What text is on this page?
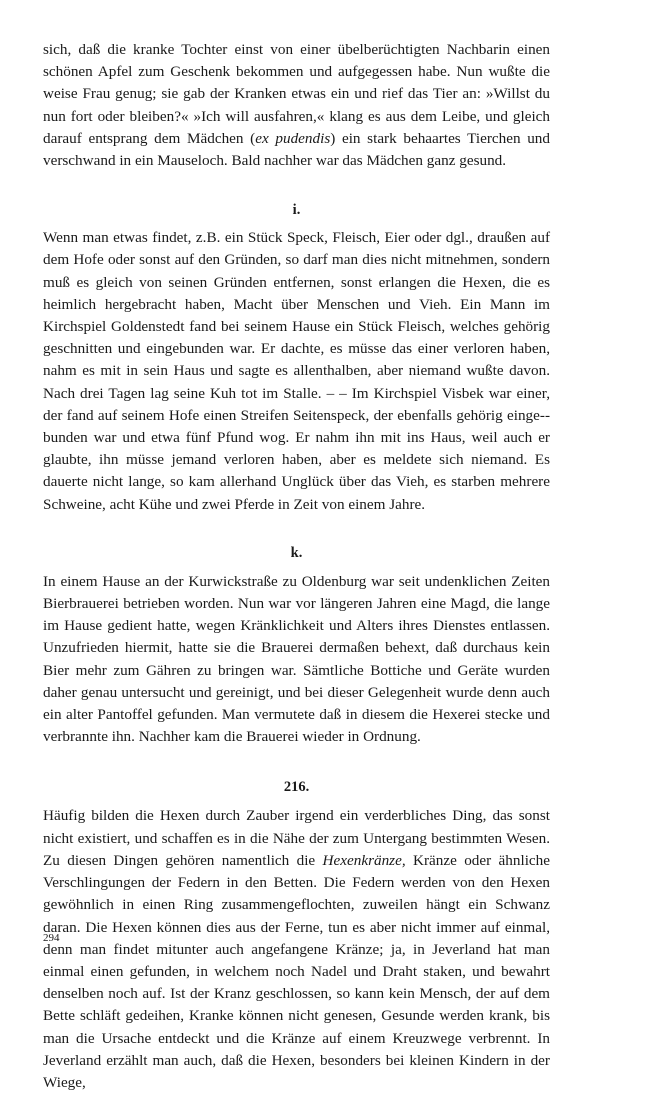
sich, daß die kranke Tochter einst von einer übelberüchtigten Nachbarin einen schönen Apfel zum Geschenk bekommen und aufgegessen habe. Nun wußte die weise Frau genug; sie gab der Kranken etwas ein und rief das Tier an: »Willst du nun fort oder bleiben?« »Ich will ausfahren,« klang es aus dem Leibe, und gleich darauf entsprang dem Mädchen (ex pudendis) ein stark behaartes Tierchen und verschwand in ein Mauseloch. Bald nachher war das Mädchen ganz gesund.

i.

Wenn man etwas findet, z.B. ein Stück Speck, Fleisch, Eier oder dgl., draußen auf dem Hofe oder sonst auf den Gründen, so darf man dies nicht mitnehmen, sondern muß es gleich von seinen Gründen entfernen, sonst erlangen die Hexen, die es heimlich hergebracht haben, Macht über Menschen und Vieh. Ein Mann im Kirchspiel Goldenstedt fand bei seinem Hause ein Stück Fleisch, welches gehörig geschnitten und eingebunden war. Er dachte, es müsse das einer verloren haben, nahm es mit in sein Haus und sagte es allenthalben, aber niemand wußte davon. Nach drei Tagen lag seine Kuh tot im Stalle. – – Im Kirchspiel Visbek war einer, der fand auf seinem Hofe einen Streifen Seitenspeck, der ebenfalls gehörig einge-bunden war und etwa fünf Pfund wog. Er nahm ihn mit ins Haus, weil auch er glaubte, ihn müsse jemand verloren haben, aber es meldete sich niemand. Es dauerte nicht lange, so kam allerhand Unglück über das Vieh, es starben mehrere Schweine, acht Kühe und zwei Pferde in Zeit von einem Jahre.

k.

In einem Hause an der Kurwickstraße zu Oldenburg war seit undenklichen Zeiten Bierbrauerei betrieben worden. Nun war vor längeren Jahren eine Magd, die lange im Hause gedient hatte, wegen Kränklichkeit und Alters ihres Dienstes entlassen. Unzufrieden hiermit, hatte sie die Brauerei dermaßen behext, daß durchaus kein Bier mehr zum Gähren zu bringen war. Sämtliche Bottiche und Geräte wurden daher genau untersucht und gereinigt, und bei dieser Gelegenheit wurde denn auch ein alter Pantoffel gefunden. Man vermutete daß in diesem die Hexerei stecke und verbrannte ihn. Nachher kam die Brauerei wieder in Ordnung.

216.

Häufig bilden die Hexen durch Zauber irgend ein verderbliches Ding, das sonst nicht existiert, und schaffen es in die Nähe der zum Untergang bestimmten Wesen. Zu diesen Dingen gehören namentlich die Hexenkränze, Kränze oder ähnliche Verschlingungen der Federn in den Betten. Die Federn werden von den Hexen gewöhnlich in einen Ring zusammengeflochten, zuweilen hängt ein Schwanz daran. Die Hexen können dies aus der Ferne, tun es aber nicht immer auf einmal, denn man findet mitunter auch angefangene Kränze; ja, in Jeverland hat man einmal einen gefunden, in welchem noch Nadel und Draht staken, und bewahrt denselben noch auf. Ist der Kranz geschlossen, so kann kein Mensch, der auf dem Bette schläft gedeihen, Kranke können nicht genesen, Gesunde werden krank, bis man die Ursache entdeckt und die Kränze auf einem Kreuzwege verbrennt. In Jeverland erzählt man auch, daß die Hexen, besonders bei kleinen Kindern in der Wiege,

294
